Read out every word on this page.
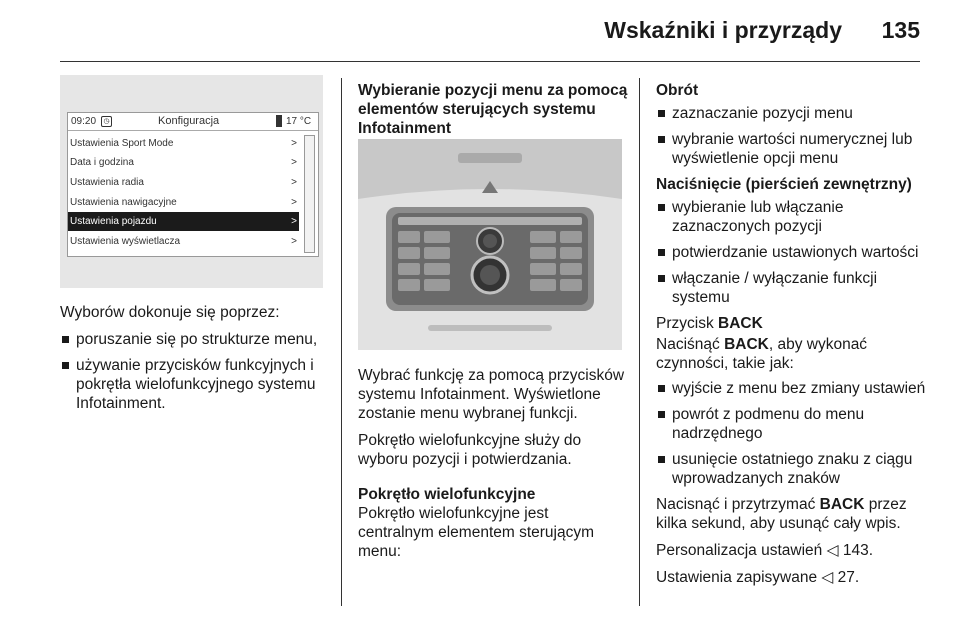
Wskaźniki i przyrządy 135
09:20	◷	Konfiguracja	17 °C
Ustawienia Sport Mode	>
Data i godzina	>
Ustawienia radia	>
Ustawienia nawigacyjne	>
Ustawienia pojazdu	>
Ustawienia wyświetlacza	>

Wyborów dokonuje się poprzez:

poruszanie się po strukturze menu,
używanie przycisków funkcyjnych i pokrętła wielofunkcyjnego systemu Infotainment.
Wybieranie pozycji menu za pomocą elementów sterujących systemu Infotainment

Wybrać funkcję za pomocą przycisków systemu Infotainment. Wyświetlone zostanie menu wybranej funkcji.

Pokrętło wielofunkcyjne służy do wyboru pozycji i potwierdzania.

Pokrętło wielofunkcyjne

Pokrętło wielofunkcyjne jest centralnym elementem sterującym menu:

Obrót
zaznaczanie pozycji menu
wybranie wartości numerycznej lub wyświetlenie opcji menu
Naciśnięcie (pierścień zewnętrzny)
wybieranie lub włączanie zaznaczonych pozycji
potwierdzanie ustawionych wartości
włączanie / wyłączanie funkcji systemu

Przycisk BACK

Naciśnąć BACK, aby wykonać czynności, takie jak:

wyjście z menu bez zmiany ustawień
powrót z podmenu do menu nadrzędnego
usunięcie ostatniego znaku z ciągu wprowadzanych znaków

Nacisnąć i przytrzymać BACK przez kilka sekund, aby usunąć cały wpis.

Personalizacja ustawień ◁ 143.

Ustawienia zapisywane ◁ 27.
